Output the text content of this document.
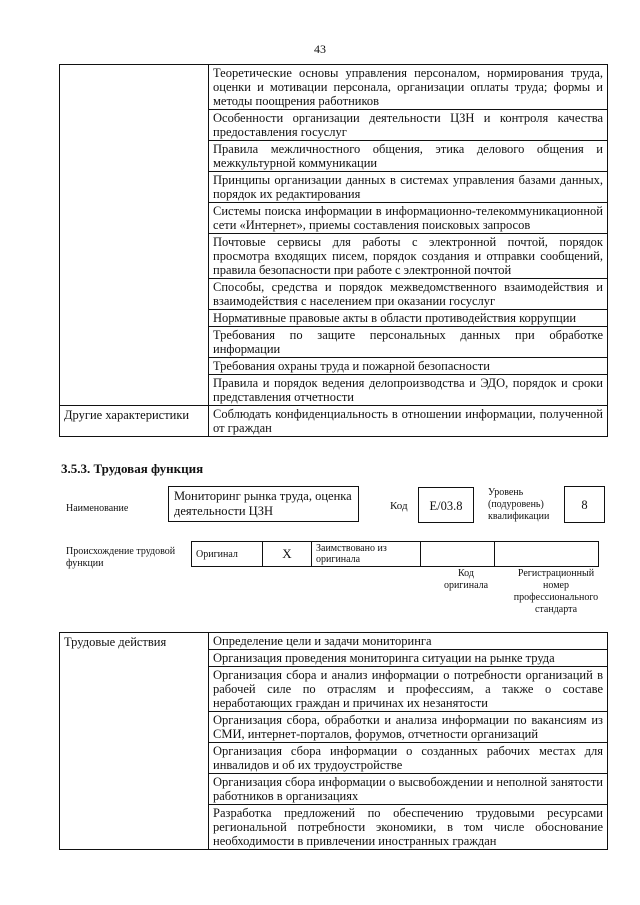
43
	Теоретические основы управления персоналом, нормирования труда, оценки и мотивации персонала, организации оплаты труда; формы и методы поощрения работников
	Особенности организации деятельности ЦЗН и контроля качества предоставления госуслуг
	Правила межличностного общения, этика делового общения и межкультурной коммуникации
	Принципы организации данных в системах управления базами данных, порядок их редактирования
	Системы поиска информации в информационно-телекоммуникационной сети «Интернет», приемы составления поисковых запросов
	Почтовые сервисы для работы с электронной почтой, порядок просмотра входящих писем, порядок создания и отправки сообщений, правила безопасности при работе с электронной почтой
	Способы, средства и порядок межведомственного взаимодействия и взаимодействия с населением при оказании госуслуг
	Нормативные правовые акты в области противодействия коррупции
	Требования по защите персональных данных при обработке информации
	Требования охраны труда и пожарной безопасности
	Правила и порядок ведения делопроизводства и ЭДО, порядок и сроки представления отчетности
Другие характеристики	Соблюдать конфиденциальность в отношении информации, полученной от граждан
3.5.3. Трудовая функция
Наименование
Мониторинг рынка труда, оценка деятельности ЦЗН	Код	Е/03.8
Уровень (подуровень) квалификации
8
Происхождение трудовой функции
Оригинал	X	Заимствовано из оригинала		
Код оригинала
Регистрационный номер профессионального стандарта
Трудовые действия	Определение цели и задачи мониторинга
Организация проведения мониторинга ситуации на рынке труда
Организация сбора и анализ информации о потребности организаций в рабочей силе по отраслям и профессиям, а также о составе неработающих граждан и причинах их незанятости
Организация сбора, обработки и анализа информации по вакансиям из СМИ, интернет-порталов, форумов, отчетности организаций
Организация сбора информации о созданных рабочих местах для инвалидов и об их трудоустройстве
Организация сбора информации о высвобождении и неполной занятости работников в организациях
Разработка предложений по обеспечению трудовыми ресурсами региональной потребности экономики, в том числе обоснование необходимости в привлечении иностранных граждан
